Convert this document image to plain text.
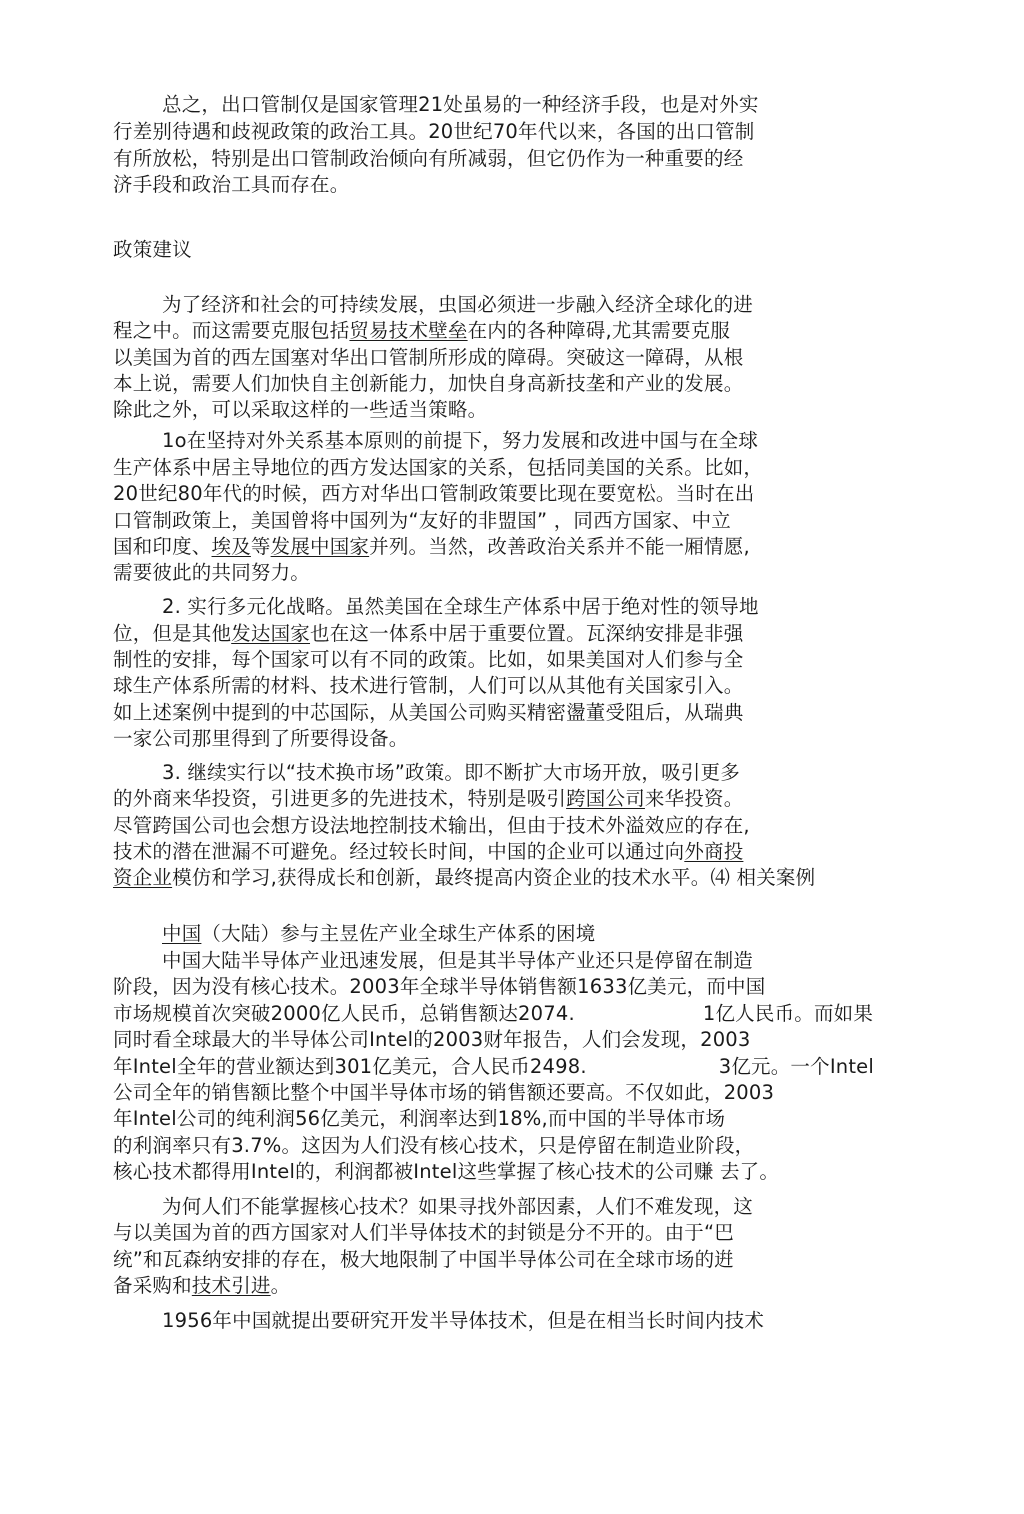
总之，出口管制仅是国家管理21处虽易的一种经济手段，也是对外实
行差别待遇和歧视政策的政治工具。20世纪70年代以来，各国的出口管制
有所放松，特别是出口管制政治倾向有所减弱，但它仍作为一种重要的经
济手段和政治工具而存在。
政策建议
为了经济和社会的可持续发展，虫国必须进一步融入经济全球化的进
程之中。而这需要克服包括贸易技术壁垒在内的各种障碍,尤其需要克服
以美国为首的西左国塞对华出口管制所形成的障碍。突破这一障碍，从根
本上说，需要人们加快自主创新能力，加快自身高新技垄和产业的发展。
除此之外，可以采取这样的一些适当策略。
1o在坚持对外关系基本原则的前提下，努力发展和改进中国与在全球
生产体系中居主导地位的西方发达国家的关系，包括同美国的关系。比如，
20世纪80年代的时候，西方对华出口管制政策要比现在要宽松。当时在出
口管制政策上，美国曾将中国列为“友好的非盟国” ，同西方国家、中立
国和印度、埃及等发展中国家并列。当然，改善政治关系并不能一厢情愿,
需要彼此的共同努力。
2. 实行多元化战略。虽然美国在全球生产体系中居于绝对性的领导地
位，但是其他发达国家也在这一体系中居于重要位置。瓦深纳安排是非强
制性的安排，每个国家可以有不同的政策。比如，如果美国对人们参与全
球生产体系所需的材料、技术进行管制，人们可以从其他有关国家引入。
如上述案例中提到的中芯国际，从美国公司购买精密盪董受阻后，从瑞典
一家公司那里得到了所要得设备。
3. 继续实行以“技术换市场”政策。即不断扩大市场开放，吸引更多
的外商来华投资，引进更多的先进技术，特别是吸引跨国公司来华投资。
尽管跨国公司也会想方设法地控制技术输出，但由于技术外溢效应的存在,
技术的潜在泄漏不可避免。经过较长时间，中国的企业可以通过向外商投
资企业模仿和学习,获得成长和创新，最终提高内资企业的技术水平。⑷ 相关案例
中国（大陆）参与主昱佐产业全球生产体系的困境
中国大陆半导体产业迅速发展，但是其半导体产业还只是停留在制造
阶段，因为没有核心技术。2003年全球半导体销售额1633亿美元，而中国
市场规模首次突破2000亿人民币，总销售额达2074.	1亿人民币。而如果
同时看全球最大的半导体公司Intel的2003财年报告，人们会发现，2003
年Intel全年的营业额达到301亿美元，合人民币2498.	3亿元。一个Intel
公司全年的销售额比整个中国半导体市场的销售额还要高。不仅如此，2003
年Intel公司的纯利润56亿美元，利润率达到18%,而中国的半导体市场
的利润率只有3.7%。这因为人们没有核心技术，只是停留在制造业阶段，
核心技术都得用Intel的，利润都被Intel这些掌握了核心技术的公司赚 去了。
为何人们不能掌握核心技术？如果寻找外部因素，人们不难发现，这
与以美国为首的西方国家对人们半导体技术的封锁是分不开的。由于“巴
统”和瓦森纳安排的存在，极大地限制了中国半导体公司在全球市场的逬
备采购和技术引进。
1956年中国就提出要研究开发半导体技术，但是在相当长时间内技术
